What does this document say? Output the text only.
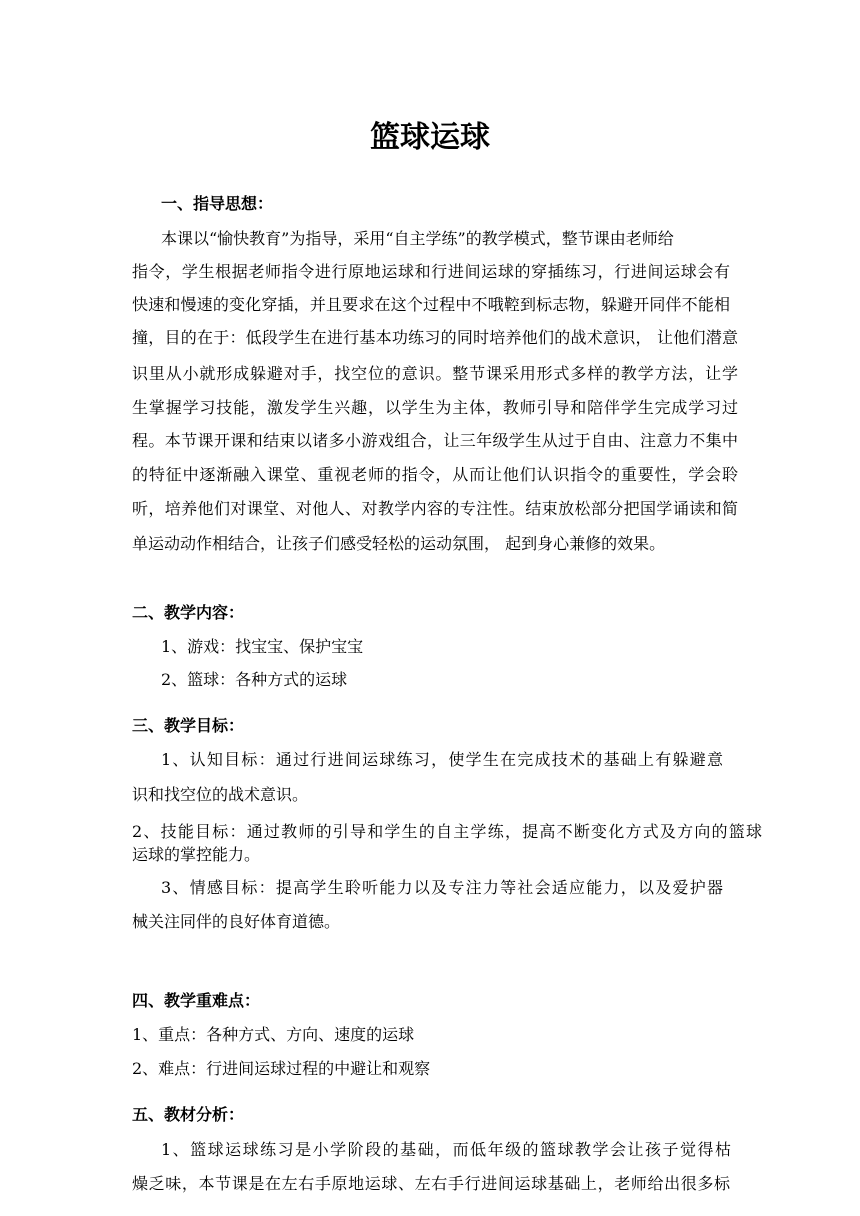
篮球运球
一、指导思想：
本课以“愉快教育”为指导，采用“自主学练”的教学模式，整节课由老师给
指令，学生根据老师指令进行原地运球和行进间运球的穿插练习，行进间运球会有
快速和慢速的变化穿插，并且要求在这个过程中不哦鞚到标志物，躲避开同伴不能相
撞，目的在于：低段学生在进行基本功练习的同时培养他们的战术意识， 让他们潜意
识里从小就形成躲避对手，找空位的意识。整节课采用形式多样的教学方法，让学
生掌握学习技能，激发学生兴趣，以学生为主体，教师引导和陪伴学生完成学习过
程。本节课开课和结束以诸多小游戏组合，让三年级学生从过于自由、注意力不集中
的特征中逐渐融入课堂、重视老师的指令，从而让他们认识指令的重要性，学会聆
听，培养他们对课堂、对他人、对教学内容的专注性。结束放松部分把国学诵读和简
单运动动作相结合，让孩子们感受轻松的运动氛围， 起到身心兼修的效果。
二、教学内容：
1、游戏：找宝宝、保护宝宝
2、篮球：各种方式的运球
三、教学目标：
1、认知目标：通过行进间运球练习，使学生在完成技术的基础上有躲避意
识和找空位的战术意识。
2、技能目标：通过教师的引导和学生的自主学练，提高不断变化方式及方向的篮球
运球的掌控能力。
3、情感目标：提高学生聆听能力以及专注力等社会适应能力，以及爱护器
械关注同伴的良好体育道德。
四、教学重难点：
1、重点：各种方式、方向、速度的运球
2、难点：行进间运球过程的中避让和观察
五、教材分析：
1、篮球运球练习是小学阶段的基础，而低年级的篮球教学会让孩子觉得枯
燥乏味，本节课是在左右手原地运球、左右手行进间运球基础上，老师给出很多标
